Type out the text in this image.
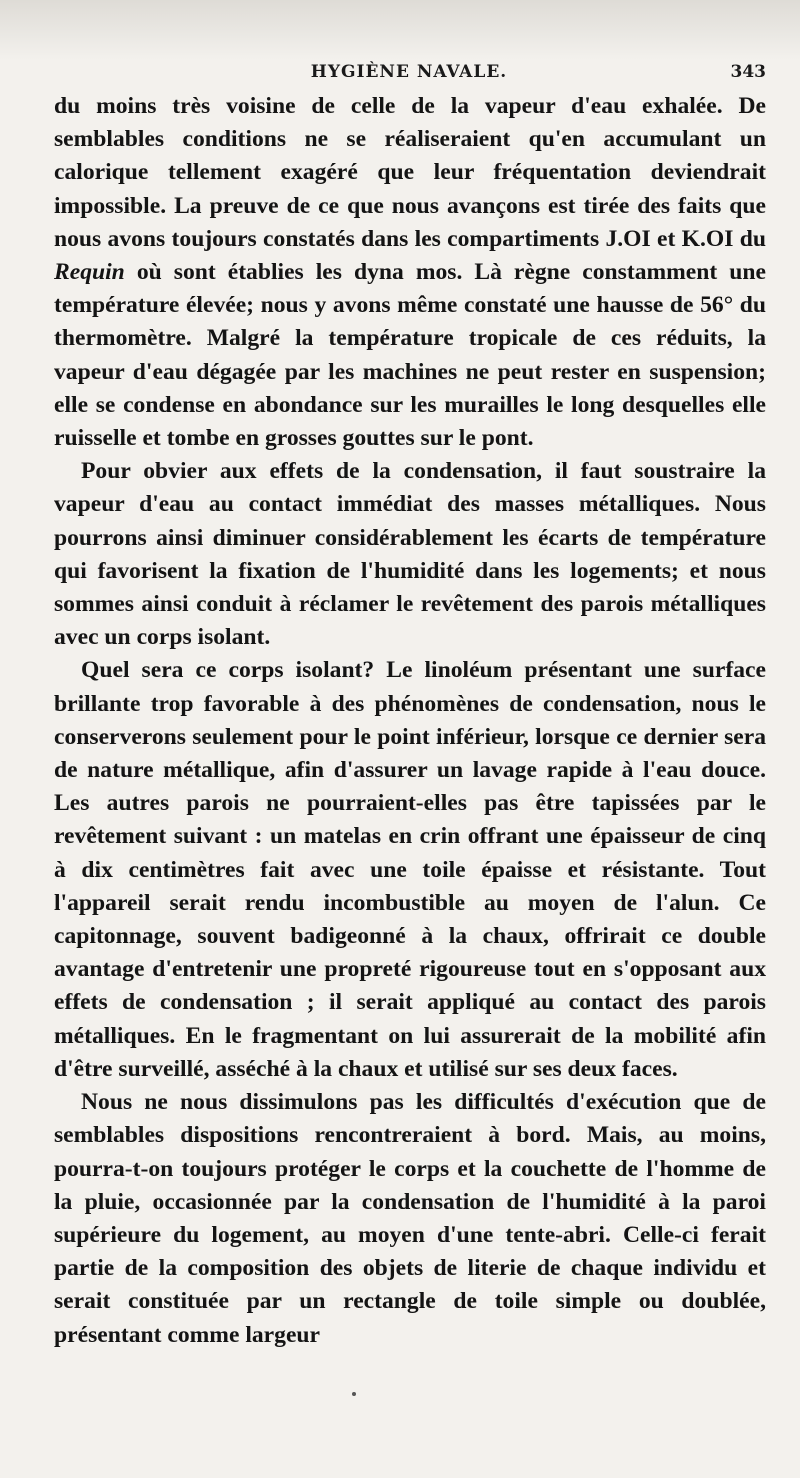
HYGIÈNE NAVALE.	343

du moins très voisine de celle de la vapeur d'eau exhalée. De semblables conditions ne se réaliseraient qu'en accumulant un calorique tellement exagéré que leur fréquentation deviendrait impossible. La preuve de ce que nous avançons est tirée des faits que nous avons toujours constatés dans les compartiments J.OI et K.OI du Requin où sont établies les dyna mos. Là règne constamment une température élevée; nous y avons même constaté une hausse de 56° du thermomètre. Malgré la température tropicale de ces réduits, la vapeur d'eau dégagée par les machines ne peut rester en suspension; elle se condense en abondance sur les murailles le long desquelles elle ruisselle et tombe en grosses gouttes sur le pont.

Pour obvier aux effets de la condensation, il faut soustraire la vapeur d'eau au contact immédiat des masses métalliques. Nous pourrons ainsi diminuer considérablement les écarts de température qui favorisent la fixation de l'humidité dans les logements; et nous sommes ainsi conduit à réclamer le revêtement des parois métalliques avec un corps isolant.

Quel sera ce corps isolant? Le linoléum présentant une surface brillante trop favorable à des phénomènes de condensation, nous le conserverons seulement pour le point inférieur, lorsque ce dernier sera de nature métallique, afin d'assurer un lavage rapide à l'eau douce. Les autres parois ne pourraient-elles pas être tapissées par le revêtement suivant : un matelas en crin offrant une épaisseur de cinq à dix centimètres fait avec une toile épaisse et résistante. Tout l'appareil serait rendu incombustible au moyen de l'alun. Ce capitonnage, souvent badigeonné à la chaux, offrirait ce double avantage d'entretenir une propreté rigoureuse tout en s'opposant aux effets de condensation ; il serait appliqué au contact des parois métalliques. En le fragmentant on lui assurerait de la mobilité afin d'être surveillé, asséché à la chaux et utilisé sur ses deux faces.

Nous ne nous dissimulons pas les difficultés d'exécution que de semblables dispositions rencontreraient à bord. Mais, au moins, pourra-t-on toujours protéger le corps et la couchette de l'homme de la pluie, occasionnée par la condensation de l'humidité à la paroi supérieure du logement, au moyen d'une tente-abri. Celle-ci ferait partie de la composition des objets de literie de chaque individu et serait constituée par un rectangle de toile simple ou doublée, présentant comme largeur
